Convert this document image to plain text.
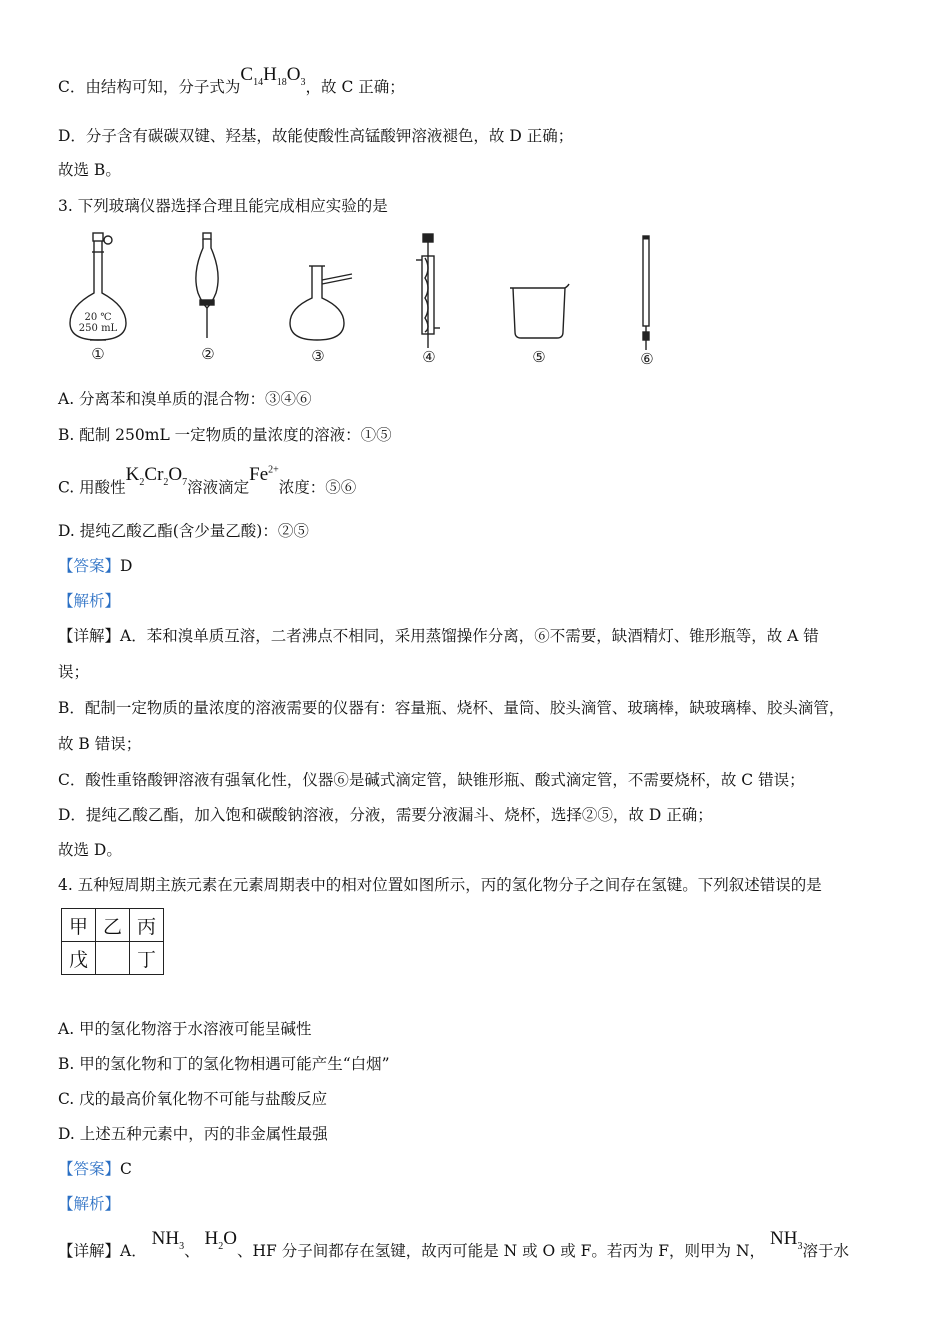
C．由结构可知，分子式为$C_{14}H_{18}O_3$，故 C 正确；
D．分子含有碳碳双键、羟基，故能使酸性高锰酸钾溶液褪色，故 D 正确；
故选 B。
3. 下列玻璃仪器选择合理且能完成相应实验的是
20 ℃
250 mL
①	②	③	④	⑤	⑥
A. 分离苯和溴单质的混合物：③④⑥
B. 配制 250mL 一定物质的量浓度的溶液：①⑤
C. 用酸性$K_2Cr_2O_7$溶液滴定$Fe^{2+}$浓度：⑤⑥
D. 提纯乙酸乙酯(含少量乙酸)：②⑤
【答案】D
【解析】
【详解】A．苯和溴单质互溶，二者沸点不相同，采用蒸馏操作分离，⑥不需要，缺酒精灯、锥形瓶等，故 A 错
误；
B．配制一定物质的量浓度的溶液需要的仪器有：容量瓶、烧杯、量筒、胶头滴管、玻璃棒，缺玻璃棒、胶头滴管，
故 B 错误；
C．酸性重铬酸钾溶液有强氧化性，仪器⑥是碱式滴定管，缺锥形瓶、酸式滴定管，不需要烧杯，故 C 错误；
D．提纯乙酸乙酯，加入饱和碳酸钠溶液，分液，需要分液漏斗、烧杯，选择②⑤，故 D 正确；
故选 D。
4. 五种短周期主族元素在元素周期表中的相对位置如图所示，丙的氢化物分子之间存在氢键。下列叙述错误的是
甲	乙	丙
戊		丁
A. 甲的氢化物溶于水溶液可能呈碱性
B. 甲的氢化物和丁的氢化物相遇可能产生“白烟”
C. 戊的最高价氧化物不可能与盐酸反应
D. 上述五种元素中，丙的非金属性最强
【答案】C
【解析】
【详解】A． $NH_3$、 $H_2O$、HF 分子间都存在氢键，故丙可能是 N 或 O 或 F。若丙为 F，则甲为 N， $NH_3$溶于水
